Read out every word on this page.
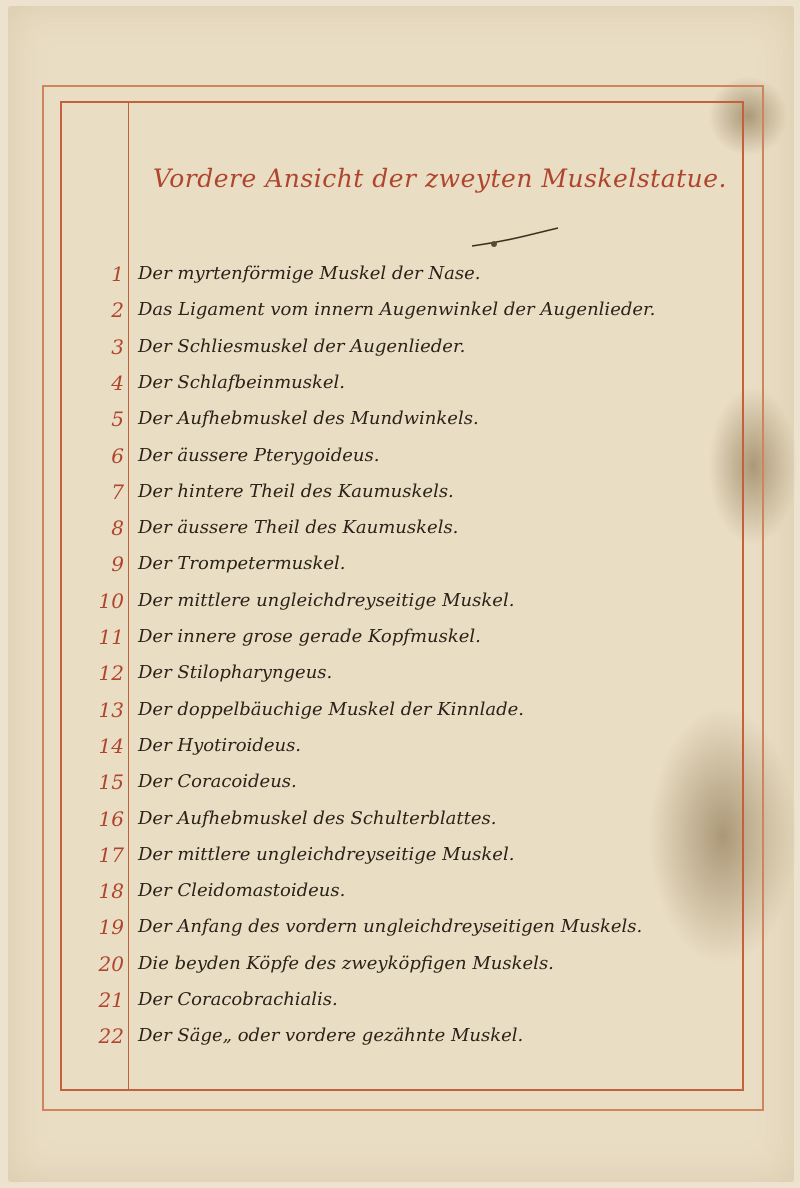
Vordere Ansicht der zweyten Muskelstatue.
1 Der myrtenförmige Muskel der Nase.
2 Das Ligament vom innern Augenwinkel der Augenlieder.
3 Der Schliesmuskel der Augenlieder.
4 Der Schlafbeinmuskel.
5 Der Aufhebmuskel des Mundwinkels.
6 Der äussere Pterygoideus.
7 Der hintere Theil des Kaumuskels.
8 Der äussere Theil des Kaumuskels.
9 Der Trompetermuskel.
10 Der mittlere ungleichdreyseitige Muskel.
11 Der innere grose gerade Kopfmuskel.
12 Der Stilopharyngeus.
13 Der doppelbäuchige Muskel der Kinnlade.
14 Der Hyotiroideus.
15 Der Coracoideus.
16 Der Aufhebmuskel des Schulterblattes.
17 Der mittlere ungleichdreyseitige Muskel.
18 Der Cleidomastoideus.
19 Der Anfang des vordern ungleichdreyseitigen Muskels.
20 Die beyden Köpfe des zweyköpfigen Muskels.
21 Der Coracobrachialis.
22 Der Säge„ oder vordere gezähnte Muskel.
